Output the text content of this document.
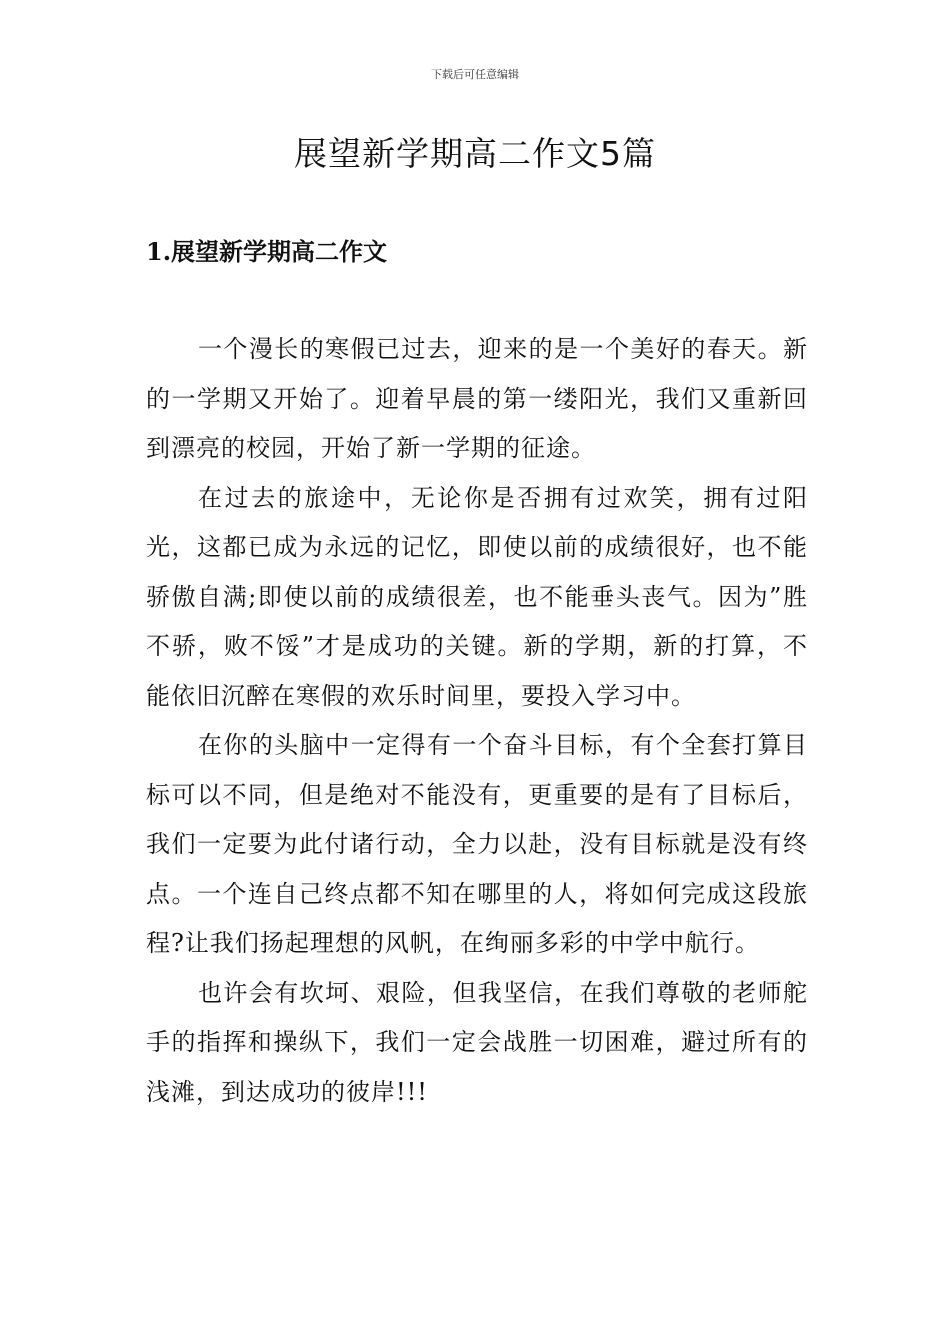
下载后可任意编辑
展望新学期高二作文5篇
1.展望新学期高二作文

一个漫长的寒假已过去，迎来的是一个美好的春天。新的一学期又开始了。迎着早晨的第一缕阳光，我们又重新回到漂亮的校园，开始了新一学期的征途。

在过去的旅途中，无论你是否拥有过欢笑，拥有过阳光，这都已成为永远的记忆，即使以前的成绩很好，也不能骄傲自满;即使以前的成绩很差，也不能垂头丧气。因为”胜不骄，败不馁”才是成功的关键。新的学期，新的打算，不能依旧沉醉在寒假的欢乐时间里，要投入学习中。

在你的头脑中一定得有一个奋斗目标，有个全套打算目标可以不同，但是绝对不能没有，更重要的是有了目标后，我们一定要为此付诸行动，全力以赴，没有目标就是没有终点。一个连自己终点都不知在哪里的人，将如何完成这段旅程?让我们扬起理想的风帆，在绚丽多彩的中学中航行。

也许会有坎坷、艰险，但我坚信，在我们尊敬的老师舵手的指挥和操纵下，我们一定会战胜一切困难，避过所有的浅滩，到达成功的彼岸!!!
